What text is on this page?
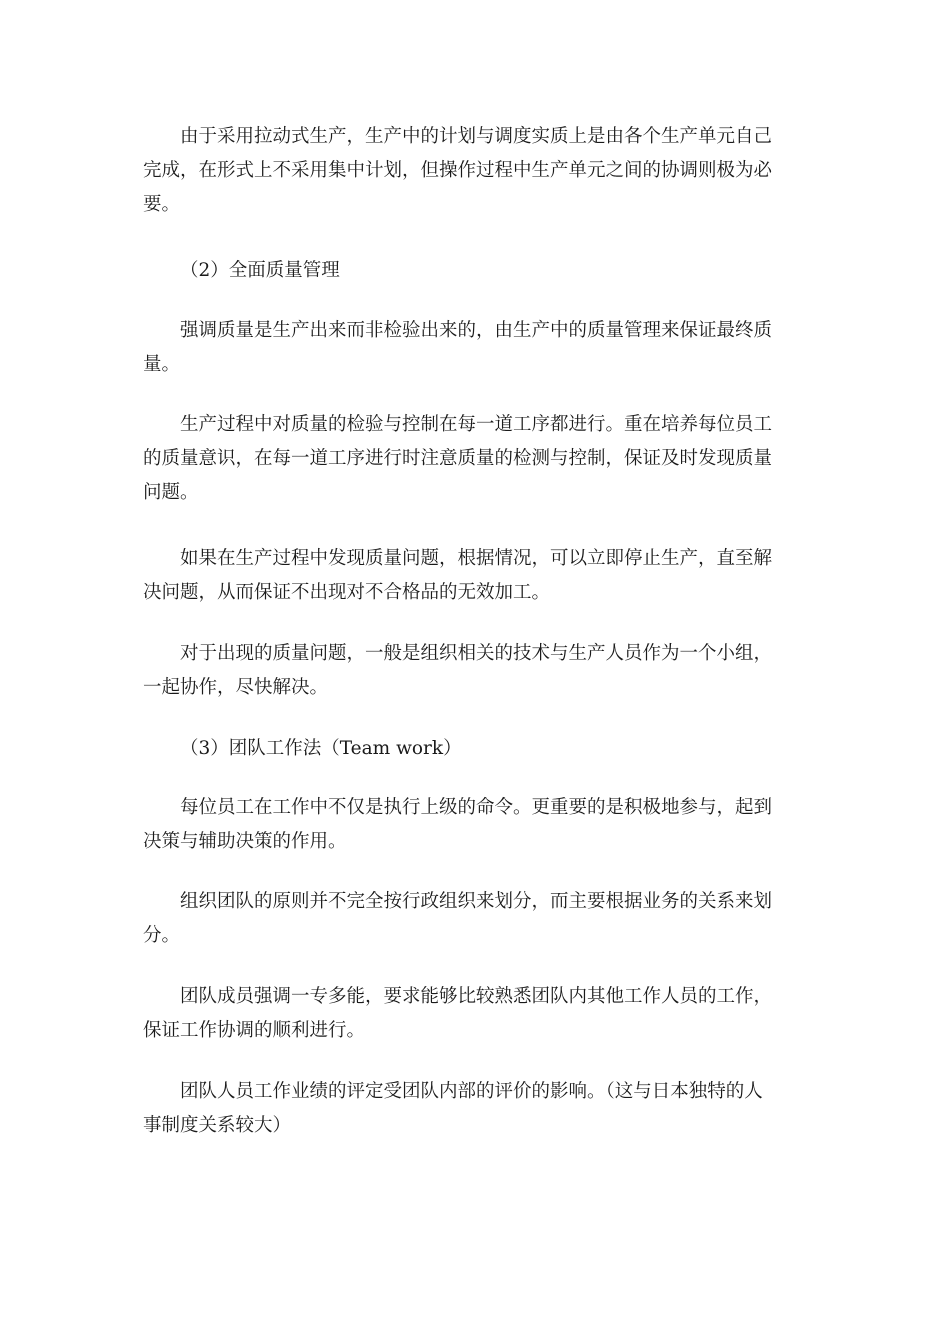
由于采用拉动式生产，生产中的计划与调度实质上是由各个生产单元自己
完成，在形式上不采用集中计划，但操作过程中生产单元之间的协调则极为必
要。

（2）全面质量管理

强调质量是生产出来而非检验出来的，由生产中的质量管理来保证最终质
量。

生产过程中对质量的检验与控制在每一道工序都进行。重在培养每位员工
的质量意识，在每一道工序进行时注意质量的检测与控制，保证及时发现质量
问题。

如果在生产过程中发现质量问题，根据情况，可以立即停止生产，直至解
决问题，从而保证不出现对不合格品的无效加工。

对于出现的质量问题，一般是组织相关的技术与生产人员作为一个小组，
一起协作，尽快解决。

（3）团队工作法（Team work）

每位员工在工作中不仅是执行上级的命令。更重要的是积极地参与，起到
决策与辅助决策的作用。

组织团队的原则并不完全按行政组织来划分，而主要根据业务的关系来划
分。

团队成员强调一专多能，要求能够比较熟悉团队内其他工作人员的工作，
保证工作协调的顺利进行。

团队人员工作业绩的评定受团队内部的评价的影响。（这与日本独特的人
事制度关系较大）
